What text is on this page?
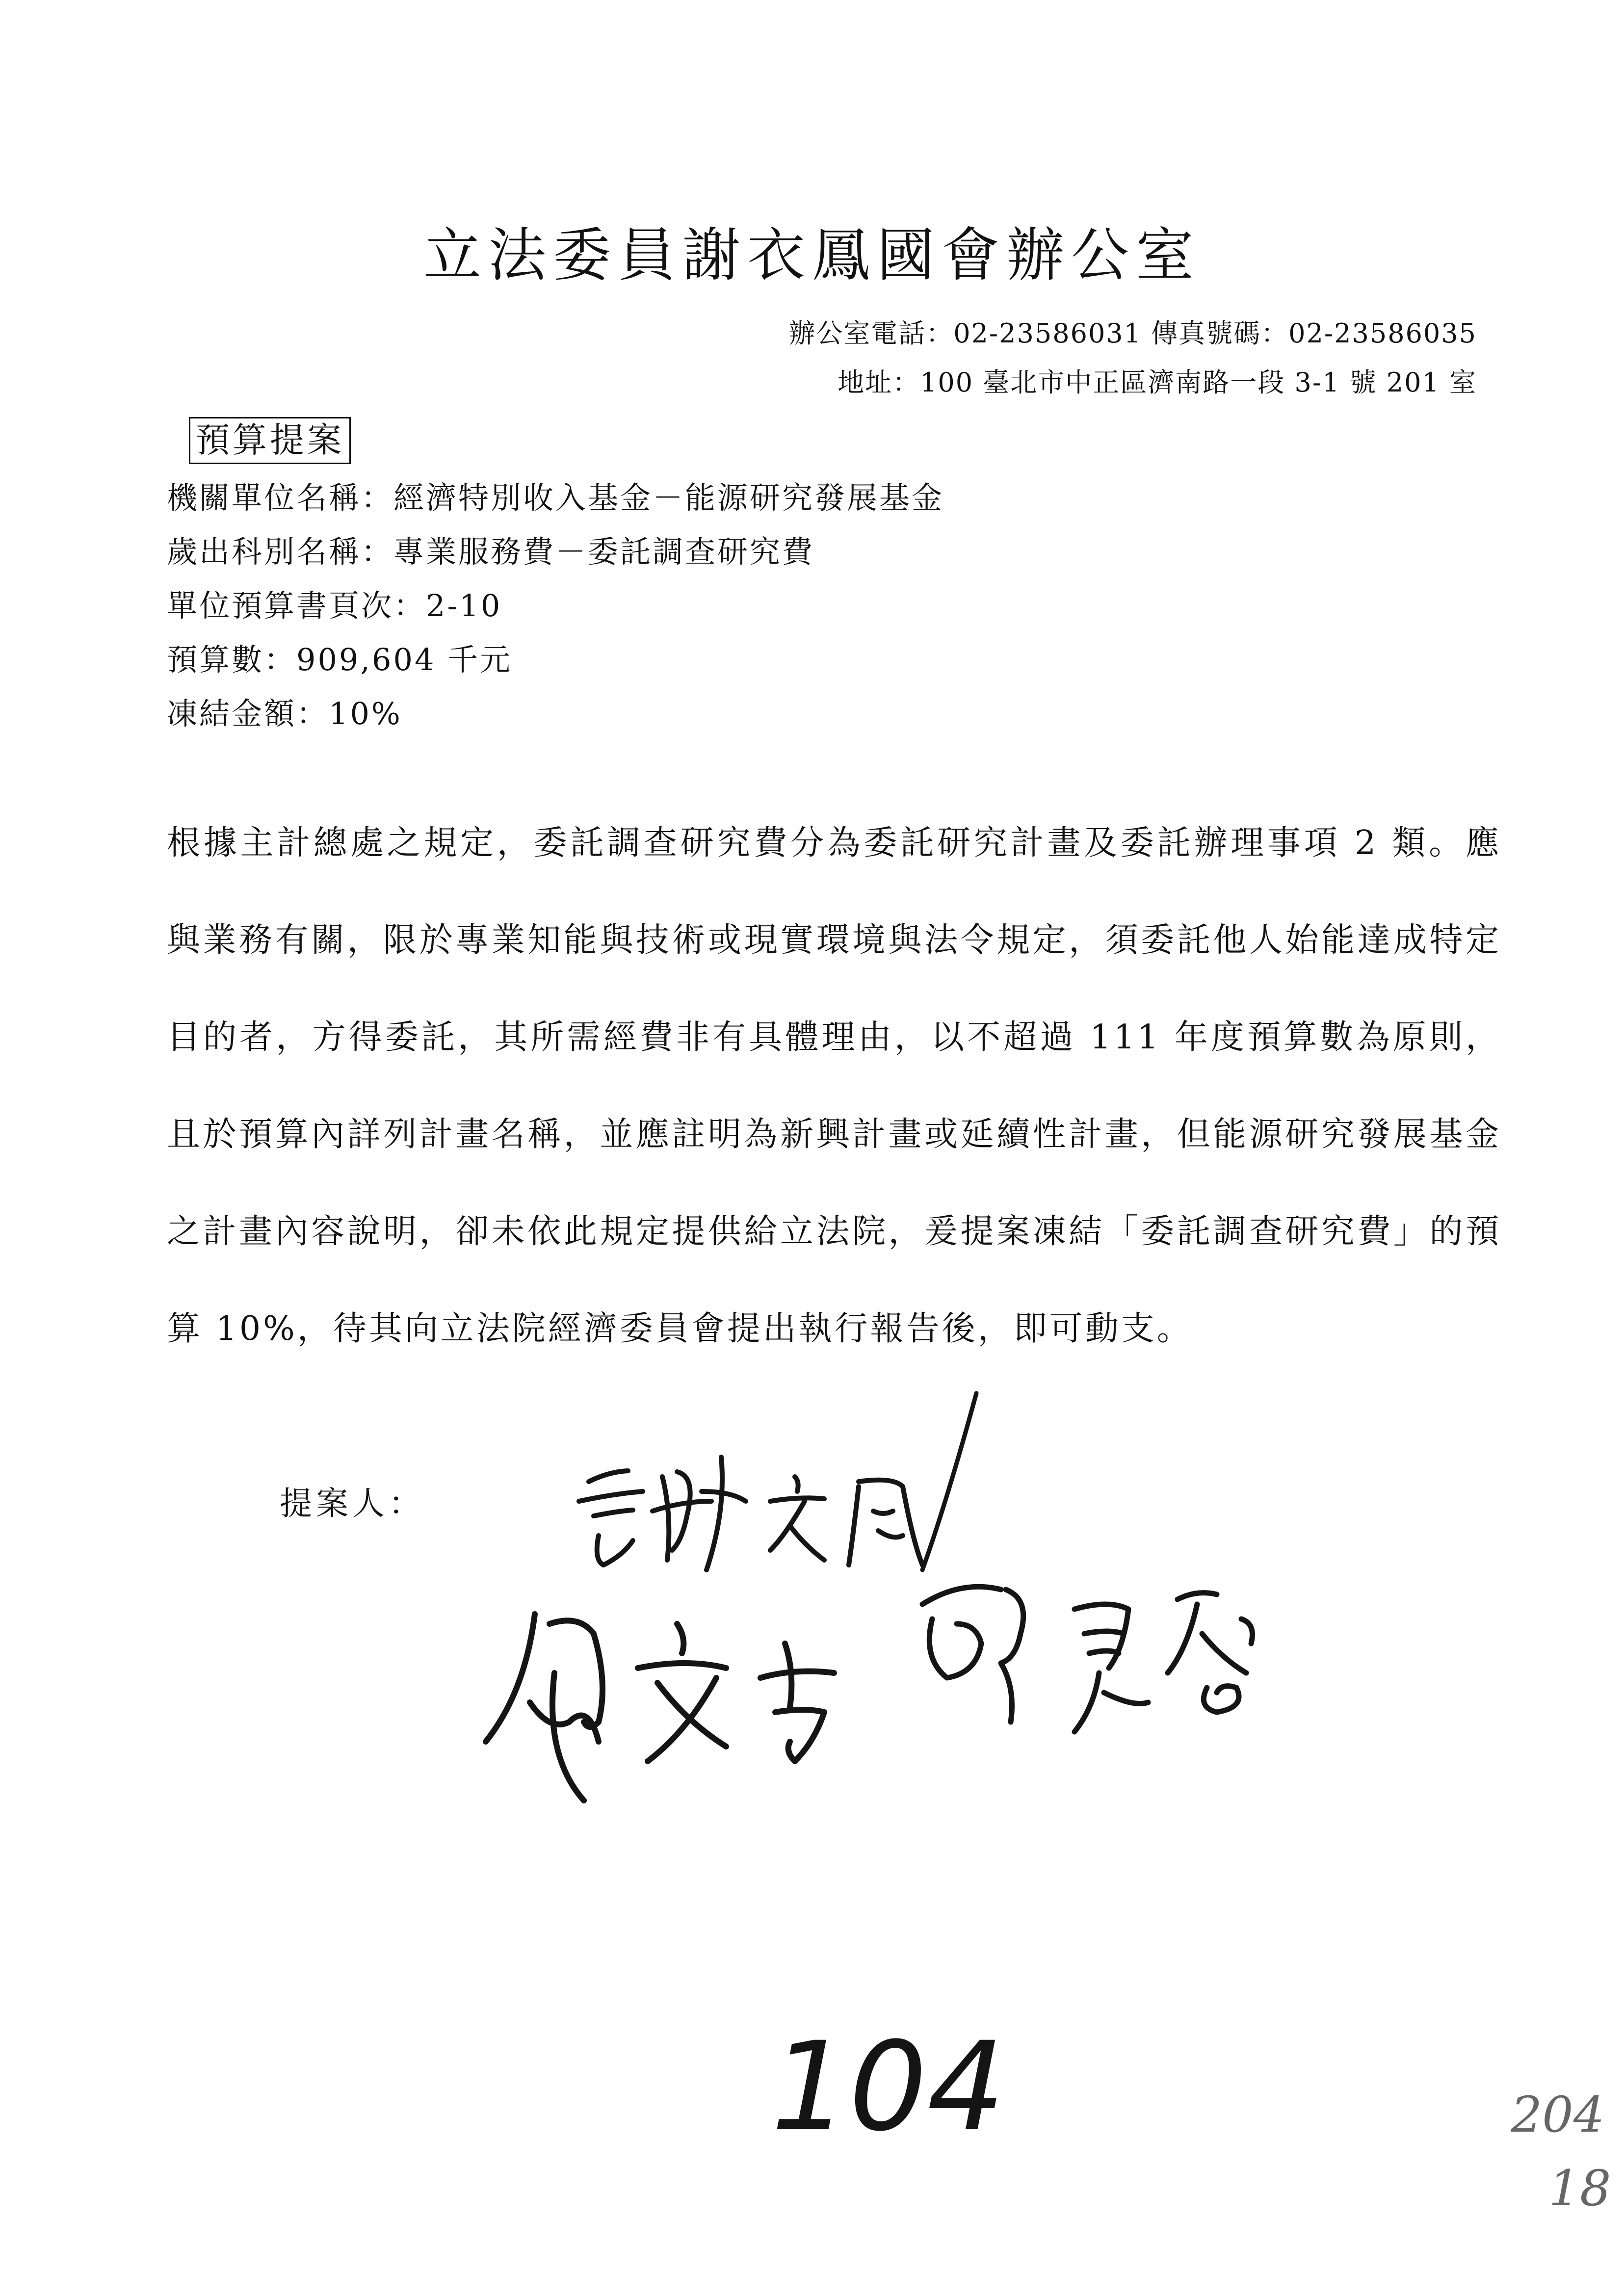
立法委員謝衣鳳國會辦公室
辦公室電話：02-23586031 傳真號碼：02-23586035
地址：100 臺北市中正區濟南路一段 3-1 號 201 室
預算提案
機關單位名稱：經濟特別收入基金－能源研究發展基金
歲出科別名稱：專業服務費－委託調查研究費
單位預算書頁次：2-10
預算數：909,604 千元
凍結金額：10%

根據主計總處之規定，委託調查研究費分為委託研究計畫及委託辦理事項 2 類。應與業務有關，限於專業知能與技術或現實環境與法令規定，須委託他人始能達成特定目的者，方得委託，其所需經費非有具體理由，以不超過 111 年度預算數為原則，且於預算內詳列計畫名稱，並應註明為新興計畫或延續性計畫，但能源研究發展基金之計畫內容說明，卻未依此規定提供給立法院，爰提案凍結「委託調查研究費」的預算 10%，待其向立法院經濟委員會提出執行報告後，即可動支。

提案人：
104	204
18
